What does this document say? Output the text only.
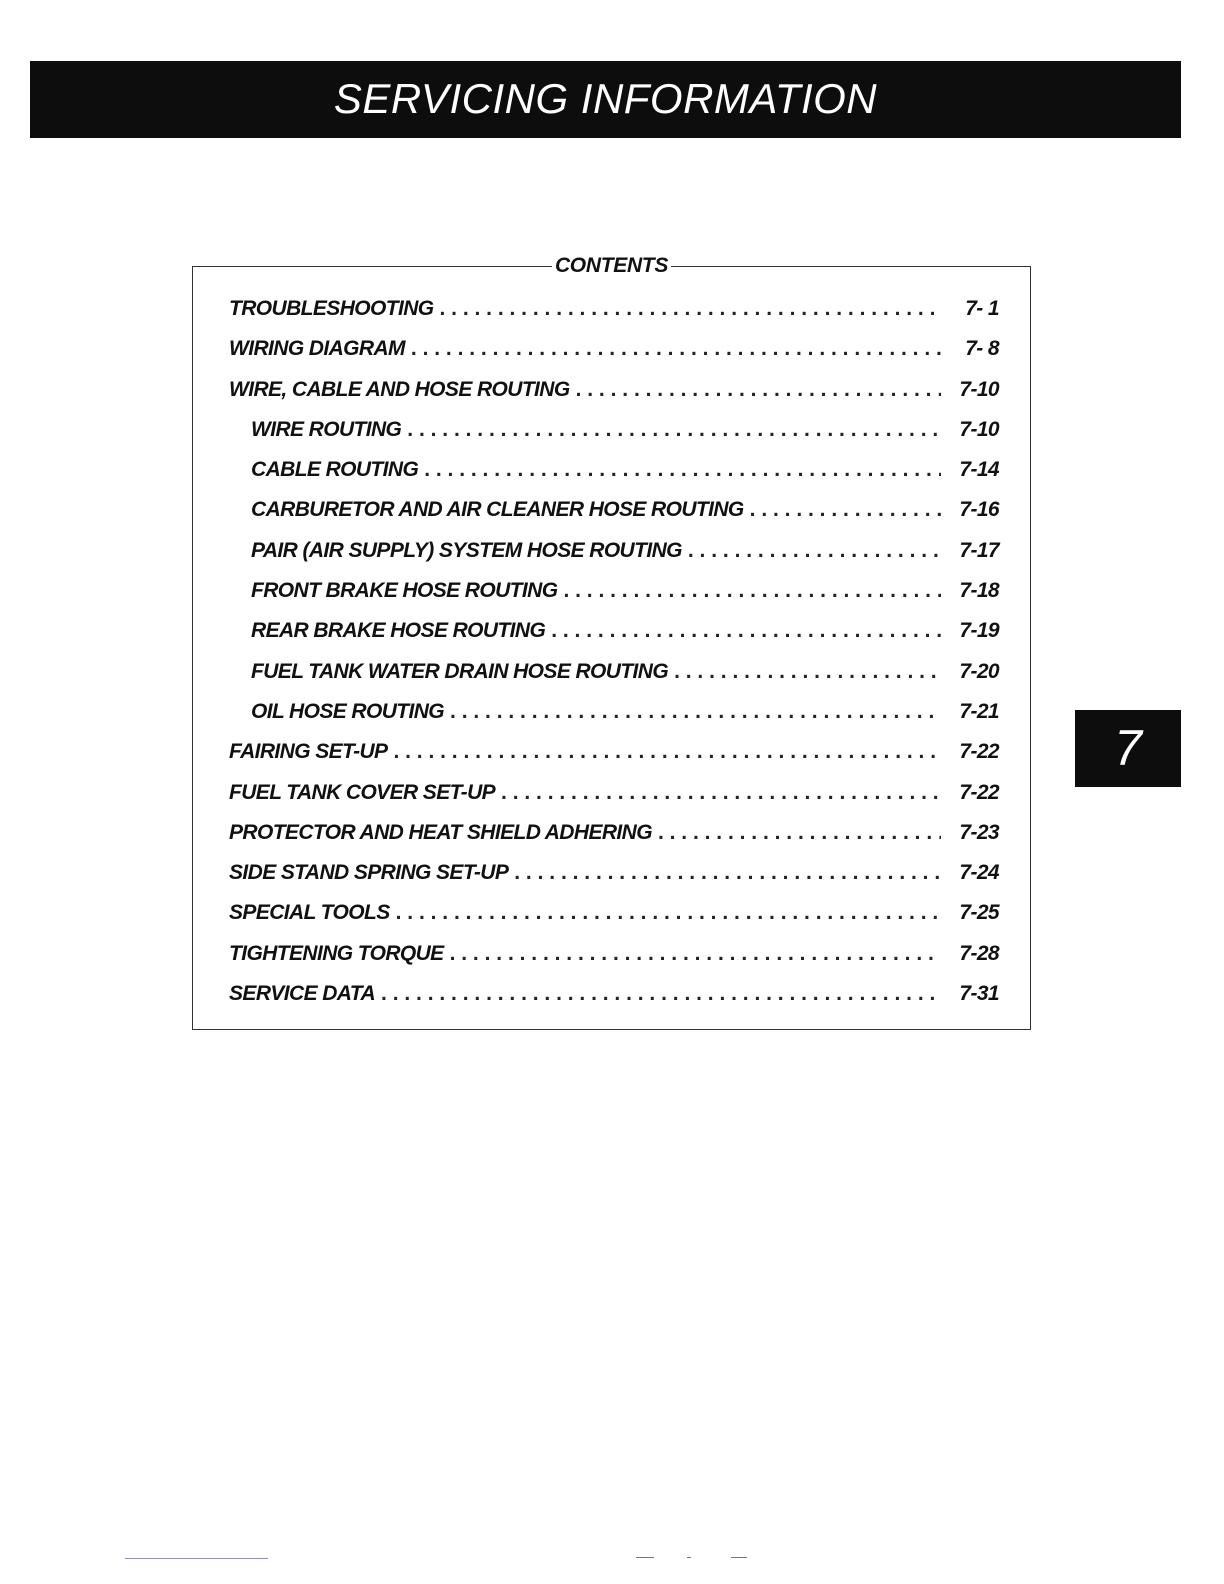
SERVICING INFORMATION
CONTENTS
TROUBLESHOOTING . . .	7- 1
WIRING DIAGRAM . . .	7- 8
WIRE, CABLE AND HOSE ROUTING . . .	7-10
WIRE ROUTING . . .	7-10
CABLE ROUTING . . .	7-14
CARBURETOR AND AIR CLEANER HOSE ROUTING . . .	7-16
PAIR (AIR SUPPLY) SYSTEM HOSE ROUTING . . .	7-17
FRONT BRAKE HOSE ROUTING . . .	7-18
REAR BRAKE HOSE ROUTING . . .	7-19
FUEL TANK WATER DRAIN HOSE ROUTING . . .	7-20
OIL HOSE ROUTING . . .	7-21
FAIRING SET-UP . . .	7-22
FUEL TANK COVER SET-UP . . .	7-22
PROTECTOR AND HEAT SHIELD ADHERING . . .	7-23
SIDE STAND SPRING SET-UP . . .	7-24
SPECIAL TOOLS . . .	7-25
TIGHTENING TORQUE . . .	7-28
SERVICE DATA . . .	7-31
7
